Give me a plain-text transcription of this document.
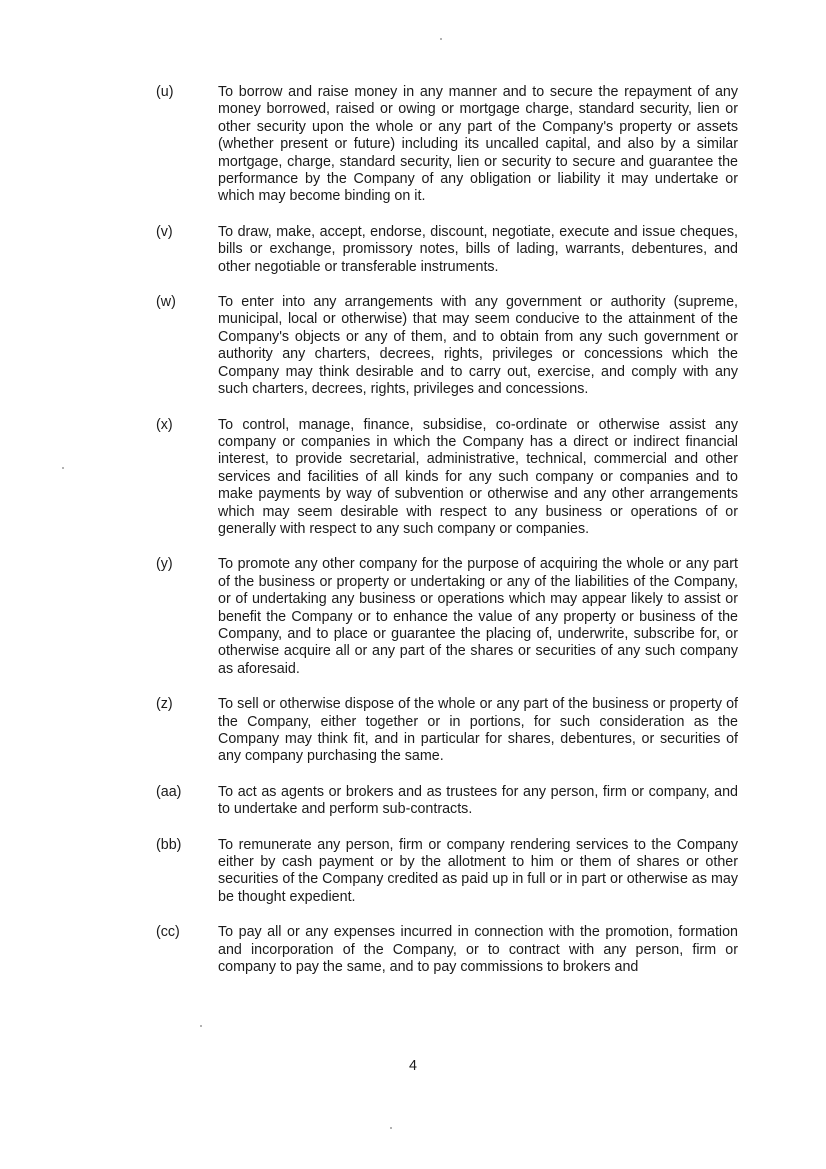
(u)	To borrow and raise money in any manner and to secure the repayment of any money borrowed, raised or owing or mortgage charge, standard security, lien or other security upon the whole or any part of the Company's property or assets (whether present or future) including its uncalled capital, and also by a similar mortgage, charge, standard security, lien or security to secure and guarantee the performance by the Company of any obligation or liability it may undertake or which may become binding on it.
(v)	To draw, make, accept, endorse, discount, negotiate, execute and issue cheques, bills or exchange, promissory notes, bills of lading, warrants, debentures, and other negotiable or transferable instruments.
(w)	To enter into any arrangements with any government or authority (supreme, municipal, local or otherwise) that may seem conducive to the attainment of the Company's objects or any of them, and to obtain from any such government or authority any charters, decrees, rights, privileges or concessions which the Company may think desirable and to carry out, exercise, and comply with any such charters, decrees, rights, privileges and concessions.
(x)	To control, manage, finance, subsidise, co-ordinate or otherwise assist any company or companies in which the Company has a direct or indirect financial interest, to provide secretarial, administrative, technical, commercial and other services and facilities of all kinds for any such company or companies and to make payments by way of subvention or otherwise and any other arrangements which may seem desirable with respect to any business or operations of or generally with respect to any such company or companies.
(y)	To promote any other company for the purpose of acquiring the whole or any part of the business or property or undertaking or any of the liabilities of the Company, or of undertaking any business or operations which may appear likely to assist or benefit the Company or to enhance the value of any property or business of the Company, and to place or guarantee the placing of, underwrite, subscribe for, or otherwise acquire all or any part of the shares or securities of any such company as aforesaid.
(z)	To sell or otherwise dispose of the whole or any part of the business or property of the Company, either together or in portions, for such consideration as the Company may think fit, and in particular for shares, debentures, or securities of any company purchasing the same.
(aa)	To act as agents or brokers and as trustees for any person, firm or company, and to undertake and perform sub-contracts.
(bb)	To remunerate any person, firm or company rendering services to the Company either by cash payment or by the allotment to him or them of shares or other securities of the Company credited as paid up in full or in part or otherwise as may be thought expedient.
(cc)	To pay all or any expenses incurred in connection with the promotion, formation and incorporation of the Company, or to contract with any person, firm or company to pay the same, and to pay commissions to brokers and
4
